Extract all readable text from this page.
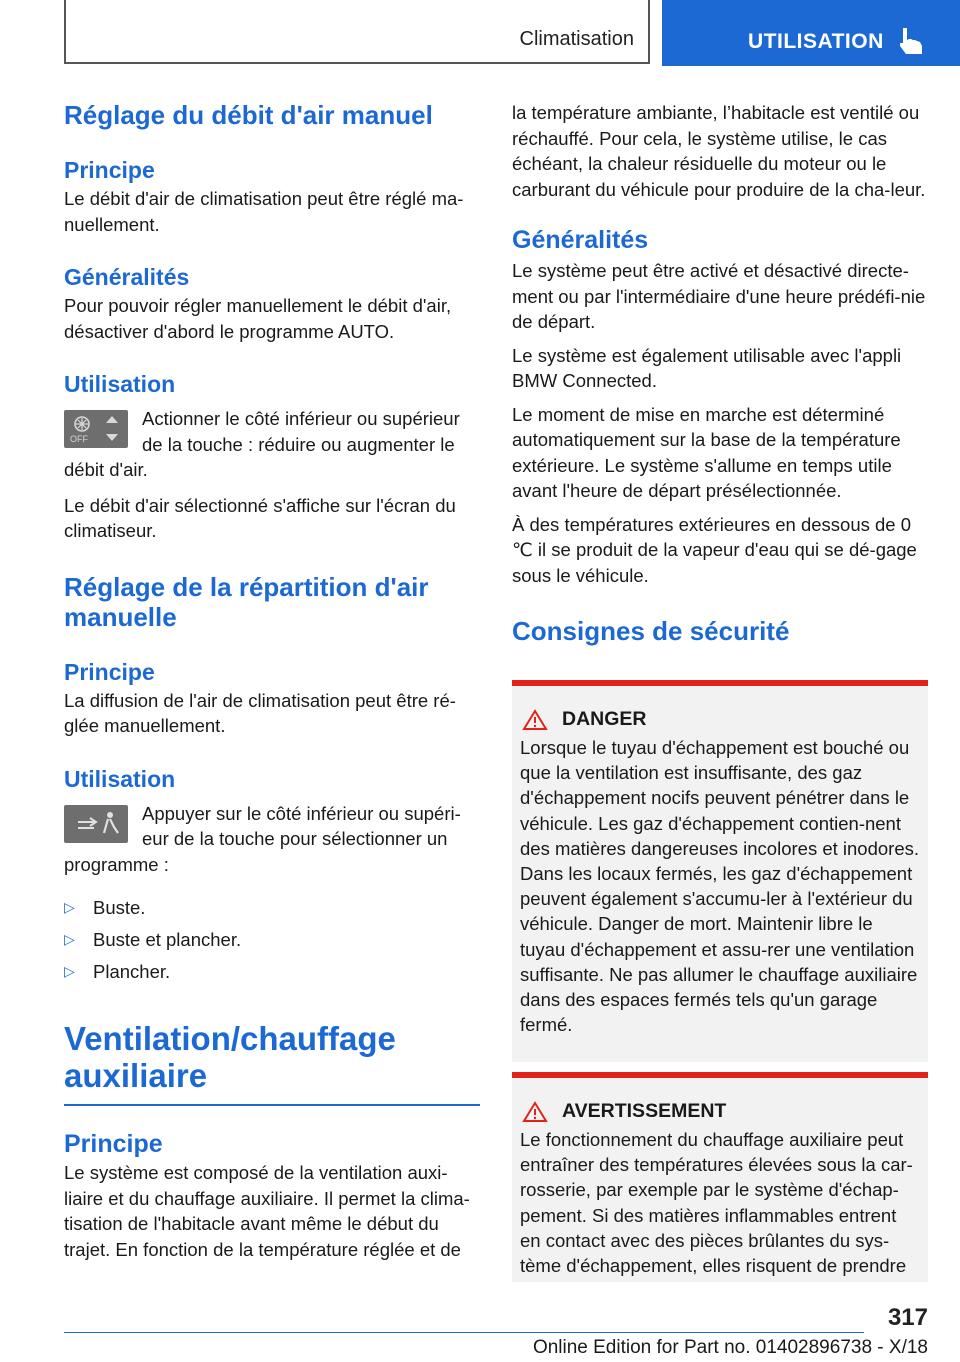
Climatisation	UTILISATION
Réglage du débit d'air manuel
Principe

Le débit d'air de climatisation peut être réglé ma-nuellement.

Généralités

Pour pouvoir régler manuellement le débit d'air, désactiver d'abord le programme AUTO.

Utilisation
OFF

Actionner le côté inférieur ou supérieur de la touche : réduire ou augmenter le débit d'air.

Le débit d'air sélectionné s'affiche sur l'écran du climatiseur.

Réglage de la répartition d'air manuelle
Principe

La diffusion de l'air de climatisation peut être ré-glée manuellement.

Utilisation

Appuyer sur le côté inférieur ou supéri-eur de la touche pour sélectionner un programme :

▷ Buste.
▷ Buste et plancher.
▷ Plancher.
Ventilation/chauffage auxiliaire
Principe

Le système est composé de la ventilation auxi-liaire et du chauffage auxiliaire. Il permet la clima-tisation de l'habitacle avant même le début du trajet. En fonction de la température réglée et de

la température ambiante, l’habitacle est ventilé ou réchauffé. Pour cela, le système utilise, le cas échéant, la chaleur résiduelle du moteur ou le carburant du véhicule pour produire de la cha-leur.

Généralités

Le système peut être activé et désactivé directe-ment ou par l'intermédiaire d'une heure prédéfi-nie de départ.

Le système est également utilisable avec l'appli BMW Connected.

Le moment de mise en marche est déterminé automatiquement sur la base de la température extérieure. Le système s'allume en temps utile avant l'heure de départ présélectionnée.

À des températures extérieures en dessous de 0 ℃ il se produit de la vapeur d'eau qui se dé-gage sous le véhicule.

Consignes de sécurité
DANGER
Lorsque le tuyau d'échappement est bouché ou que la ventilation est insuffisante, des gaz d'échappement nocifs peuvent pénétrer dans le véhicule. Les gaz d'échappement contien-nent des matières dangereuses incolores et inodores. Dans les locaux fermés, les gaz d'échappement peuvent également s'accumu-ler à l'extérieur du véhicule. Danger de mort. Maintenir libre le tuyau d'échappement et assu-rer une ventilation suffisante. Ne pas allumer le chauffage auxiliaire dans des espaces fermés tels qu'un garage fermé.
AVERTISSEMENT
Le fonctionnement du chauffage auxiliaire peut entraîner des températures élevées sous la car-rosserie, par exemple par le système d'échap-pement. Si des matières inflammables entrent en contact avec des pièces brûlantes du sys-tème d'échappement, elles risquent de prendre
317
Online Edition for Part no. 01402896738 - X/18
